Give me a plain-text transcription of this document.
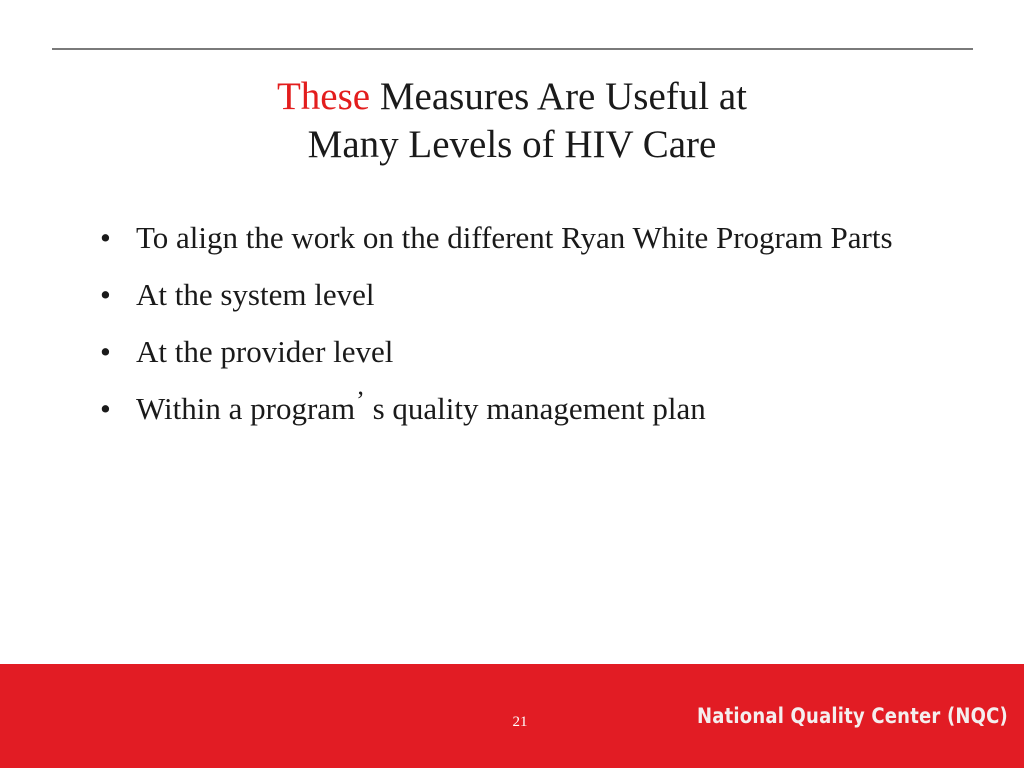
These Measures Are Useful at
Many Levels of HIV Care
• To align the work on the different Ryan White Program Parts
• At the system level
• At the provider level
• Within a program’ s quality management plan
21	National Quality Center (NQC)
